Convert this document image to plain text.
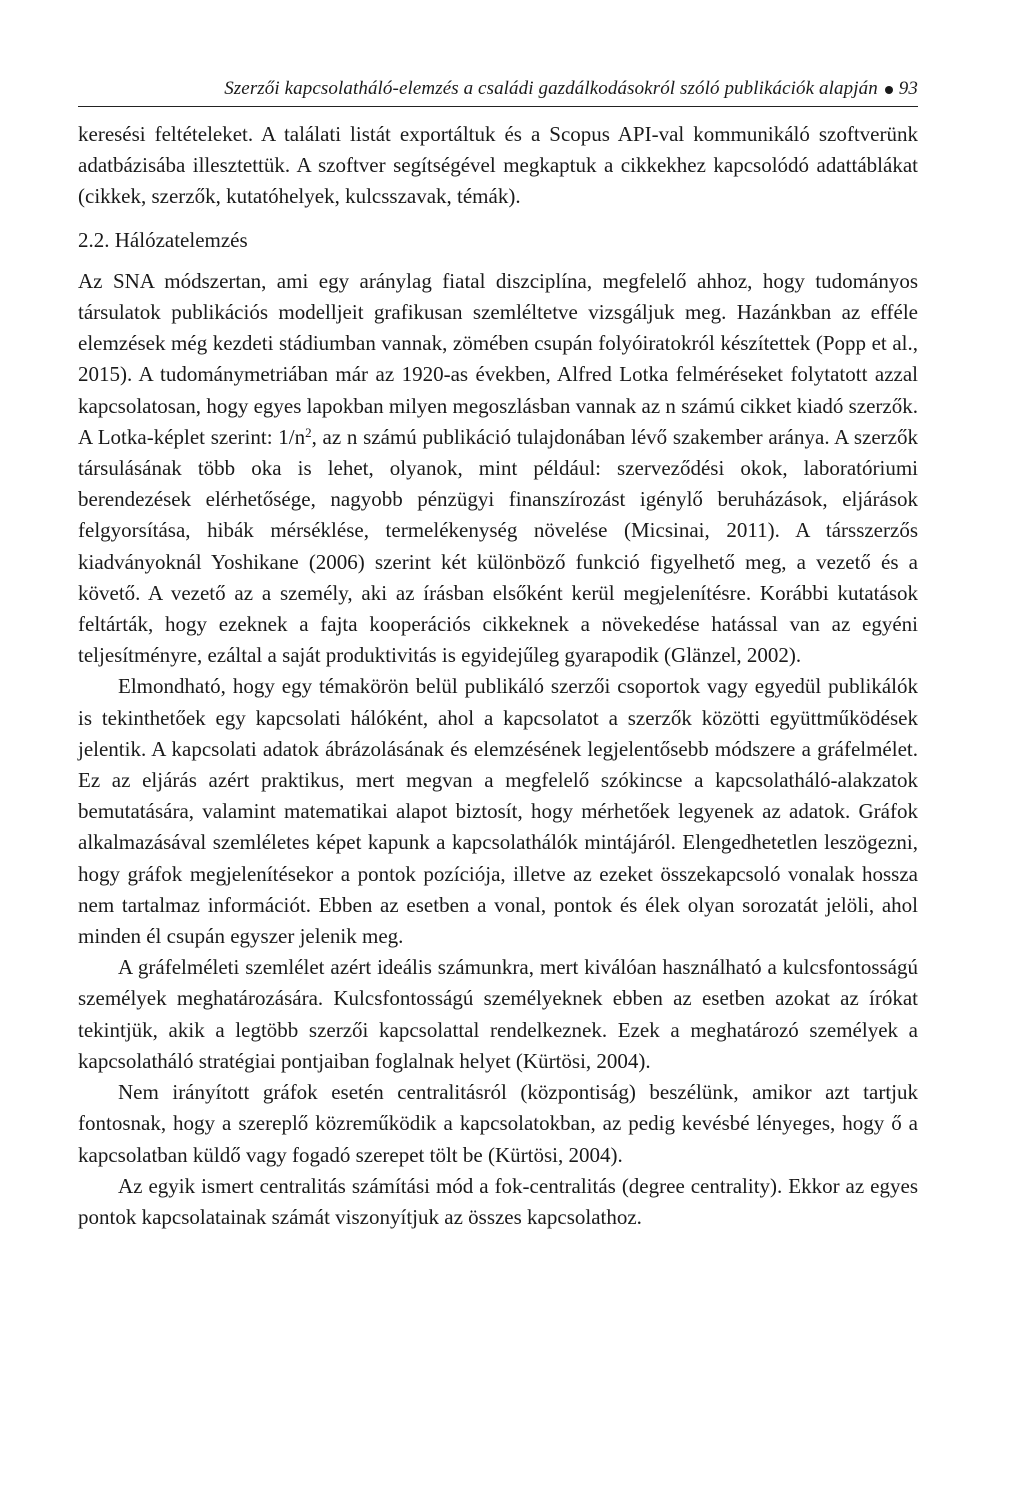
Szerzői kapcsolatháló-elemzés a családi gazdálkodásokról szóló publikációk alapján 93

keresési feltételeket. A találati listát exportáltuk és a Scopus API-val kommunikáló szoftverünk adatbázisába illesztettük. A szoftver segítségével megkaptuk a cikkekhez kapcsolódó adattáblákat (cikkek, szerzők, kutatóhelyek, kulcsszavak, témák).

2.2. Hálózatelemzés

Az SNA módszertan, ami egy aránylag fiatal diszciplína, megfelelő ahhoz, hogy tudományos társulatok publikációs modelljeit grafikusan szemléltetve vizsgáljuk meg. Hazánkban az efféle elemzések még kezdeti stádiumban vannak, zömében csupán folyóiratokról készítettek (Popp et al., 2015). A tudománymetriában már az 1920-as években, Alfred Lotka felméréseket folytatott azzal kapcsolatosan, hogy egyes lapokban milyen megoszlásban vannak az n számú cikket kiadó szerzők. A Lotka-képlet szerint: $1/n^2$, az n számú publikáció tulajdonában lévő szakember aránya. A szerzők társulásának több oka is lehet, olyanok, mint például: szerveződési okok, laboratóriumi berendezések elérhetősége, nagyobb pénzügyi finanszírozást igénylő beruházások, eljárások felgyorsítása, hibák mérséklése, termelékenység növelése (Micsinai, 2011). A társszerzős kiadványoknál Yoshikane (2006) szerint két különböző funkció figyelhető meg, a vezető és a követő. A vezető az a személy, aki az írásban elsőként kerül megjelenítésre. Korábbi kutatások feltárták, hogy ezeknek a fajta kooperációs cikkeknek a növekedése hatással van az egyéni teljesítményre, ezáltal a saját produktivitás is egyidejűleg gyarapodik (Glänzel, 2002).

Elmondható, hogy egy témakörön belül publikáló szerzői csoportok vagy egyedül publikálók is tekinthetőek egy kapcsolati hálóként, ahol a kapcsolatot a szerzők közötti együttműködések jelentik. A kapcsolati adatok ábrázolásának és elemzésének legjelentősebb módszere a gráfelmélet. Ez az eljárás azért praktikus, mert megvan a megfelelő szókincse a kapcsolatháló-alakzatok bemutatására, valamint matematikai alapot biztosít, hogy mérhetőek legyenek az adatok. Gráfok alkalmazásával szemléletes képet kapunk a kapcsolathálók mintájáról. Elengedhetetlen leszögezni, hogy gráfok megjelenítésekor a pontok pozíciója, illetve az ezeket összekapcsoló vonalak hossza nem tartalmaz információt. Ebben az esetben a vonal, pontok és élek olyan sorozatát jelöli, ahol minden él csupán egyszer jelenik meg.

A gráfelméleti szemlélet azért ideális számunkra, mert kiválóan használható a kulcsfontosságú személyek meghatározására. Kulcsfontosságú személyeknek ebben az esetben azokat az írókat tekintjük, akik a legtöbb szerzői kapcsolattal rendelkeznek. Ezek a meghatározó személyek a kapcsolatháló stratégiai pontjaiban foglalnak helyet (Kürtösi, 2004).

Nem irányított gráfok esetén centralitásról (központiság) beszélünk, amikor azt tartjuk fontosnak, hogy a szereplő közreműködik a kapcsolatokban, az pedig kevésbé lényeges, hogy ő a kapcsolatban küldő vagy fogadó szerepet tölt be (Kürtösi, 2004).

Az egyik ismert centralitás számítási mód a fok-centralitás (degree centrality). Ekkor az egyes pontok kapcsolatainak számát viszonyítjuk az összes kapcsolathoz.
